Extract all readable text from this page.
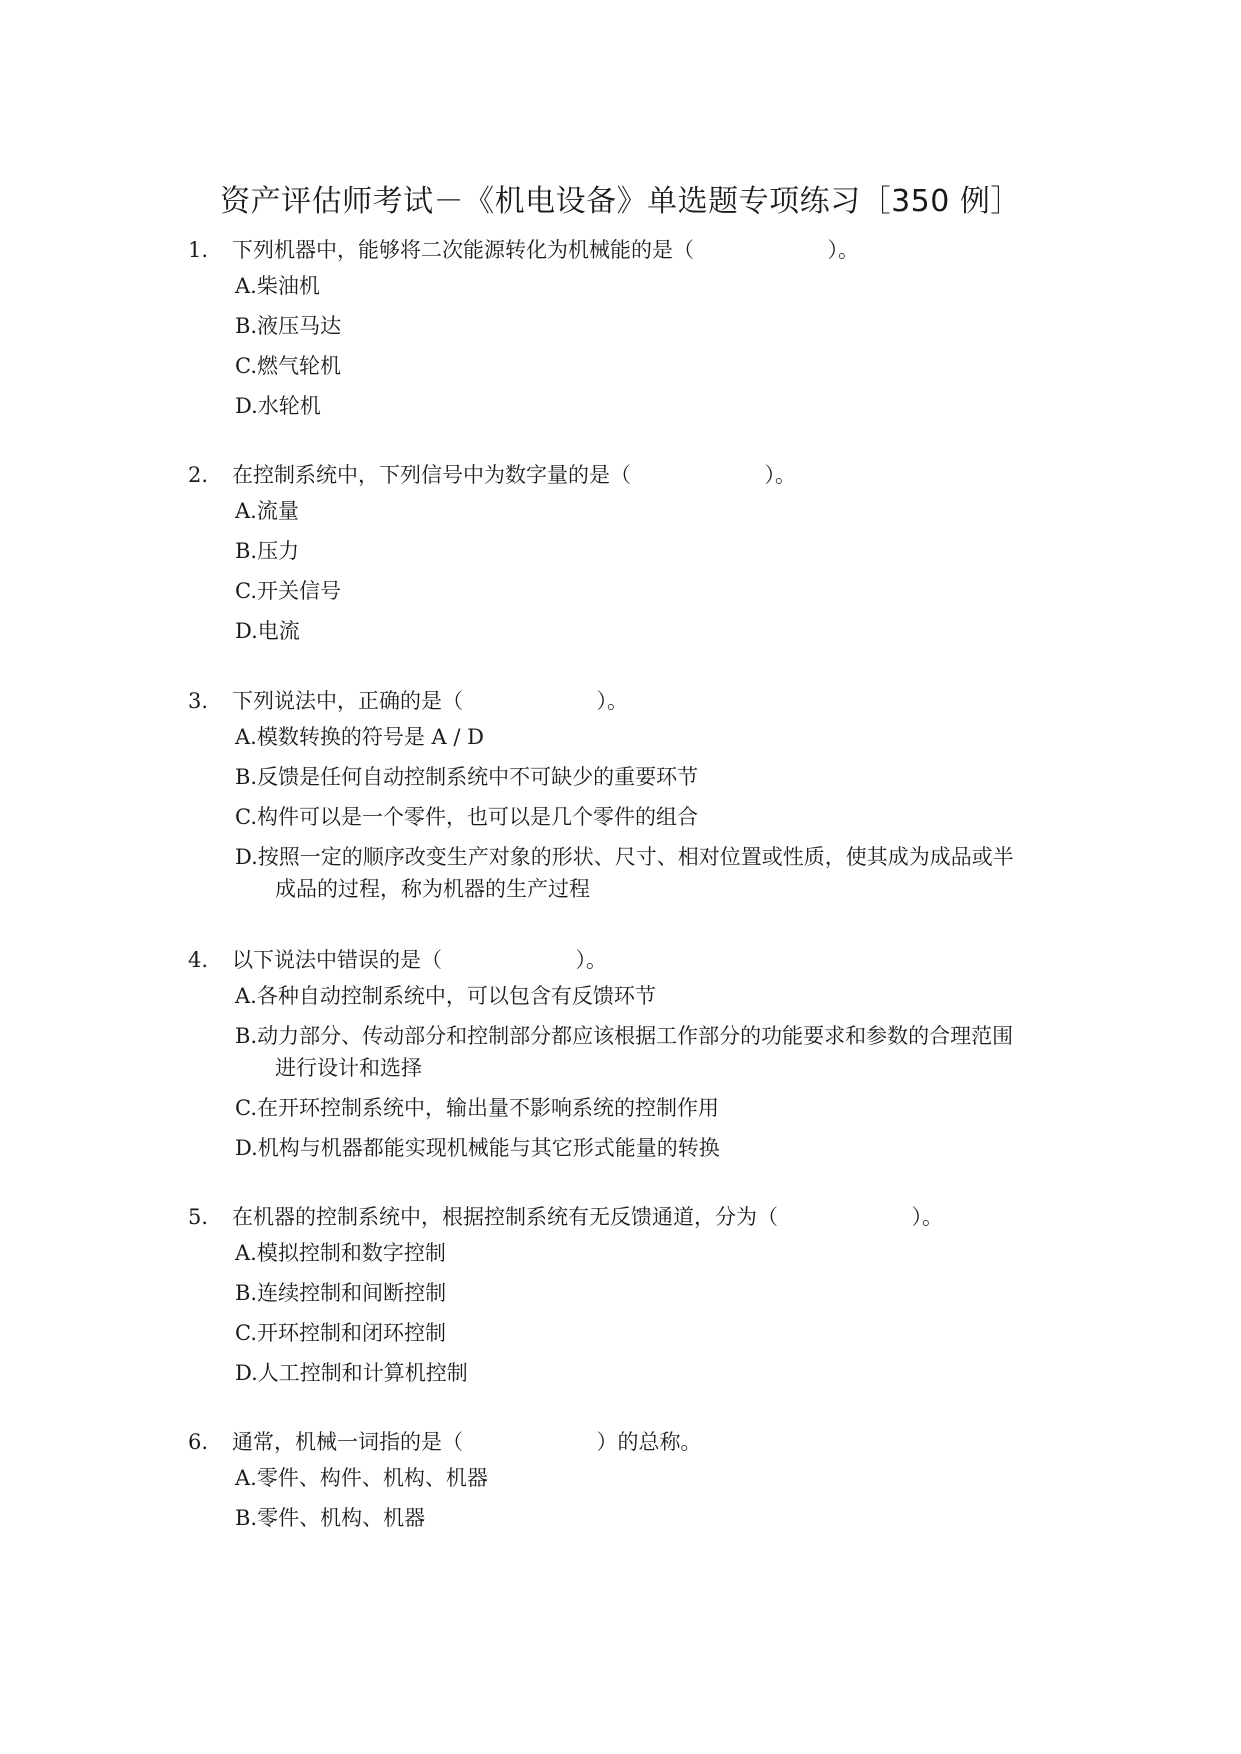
资产评估师考试－《机电设备》单选题专项练习［350 例］
1. 下列机器中，能够将二次能源转化为机械能的是（                    ）。
A.柴油机
B.液压马达
C.燃气轮机
D.水轮机
2. 在控制系统中，下列信号中为数字量的是（                    ）。
A.流量
B.压力
C.开关信号
D.电流
3. 下列说法中，正确的是（                    ）。
A.模数转换的符号是 A / D
B.反馈是任何自动控制系统中不可缺少的重要环节
C.构件可以是一个零件，也可以是几个零件的组合
D.按照一定的顺序改变生产对象的形状、尺寸、相对位置或性质，使其成为成品或半
成品的过程，称为机器的生产过程
4. 以下说法中错误的是（                    ）。
A.各种自动控制系统中，可以包含有反馈环节
B.动力部分、传动部分和控制部分都应该根据工作部分的功能要求和参数的合理范围
进行设计和选择
C.在开环控制系统中，输出量不影响系统的控制作用
D.机构与机器都能实现机械能与其它形式能量的转换
5. 在机器的控制系统中，根据控制系统有无反馈通道，分为（                    ）。
A.模拟控制和数字控制
B.连续控制和间断控制
C.开环控制和闭环控制
D.人工控制和计算机控制
6. 通常，机械一词指的是（                    ）的总称。
A.零件、构件、机构、机器
B.零件、机构、机器
